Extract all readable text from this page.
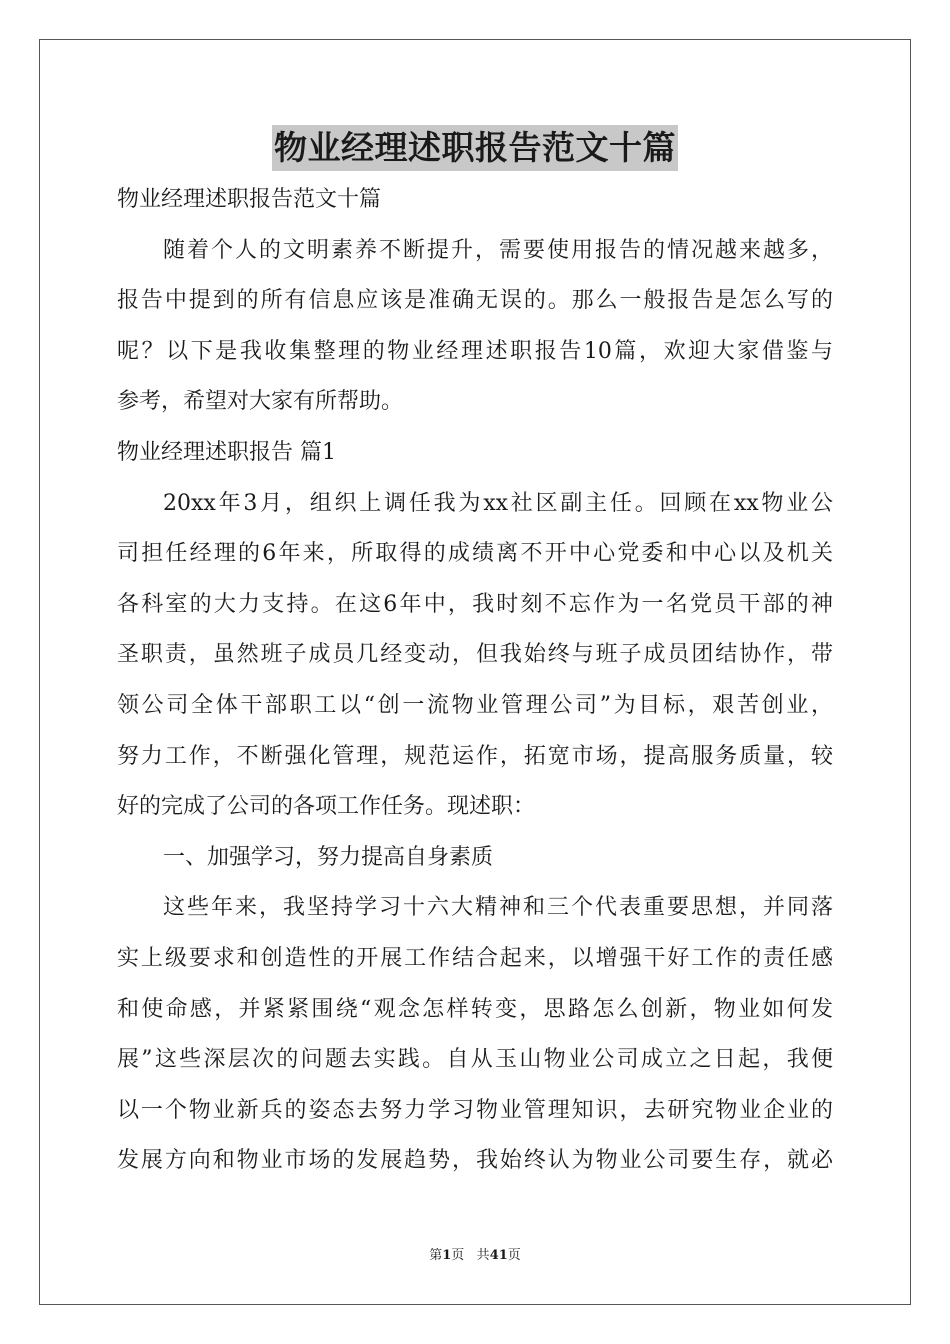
物业经理述职报告范文十篇
物业经理述职报告范文十篇
随着个人的文明素养不断提升，需要使用报告的情况越来越多，
报告中提到的所有信息应该是准确无误的。那么一般报告是怎么写的
呢？以下是我收集整理的物业经理述职报告10篇，欢迎大家借鉴与
参考，希望对大家有所帮助。
物业经理述职报告 篇1
20xx年3月，组织上调任我为xx社区副主任。回顾在xx物业公
司担任经理的6年来，所取得的成绩离不开中心党委和中心以及机关
各科室的大力支持。在这6年中，我时刻不忘作为一名党员干部的神
圣职责，虽然班子成员几经变动，但我始终与班子成员团结协作，带
领公司全体干部职工以“创一流物业管理公司”为目标，艰苦创业，
努力工作，不断强化管理，规范运作，拓宽市场，提高服务质量，较
好的完成了公司的各项工作任务。现述职：
一、加强学习，努力提高自身素质
这些年来，我坚持学习十六大精神和三个代表重要思想，并同落
实上级要求和创造性的开展工作结合起来，以增强干好工作的责任感
和使命感，并紧紧围绕“观念怎样转变，思路怎么创新，物业如何发
展”这些深层次的问题去实践。自从玉山物业公司成立之日起，我便
以一个物业新兵的姿态去努力学习物业管理知识，去研究物业企业的
发展方向和物业市场的发展趋势，我始终认为物业公司要生存，就必
第1页 共41页
